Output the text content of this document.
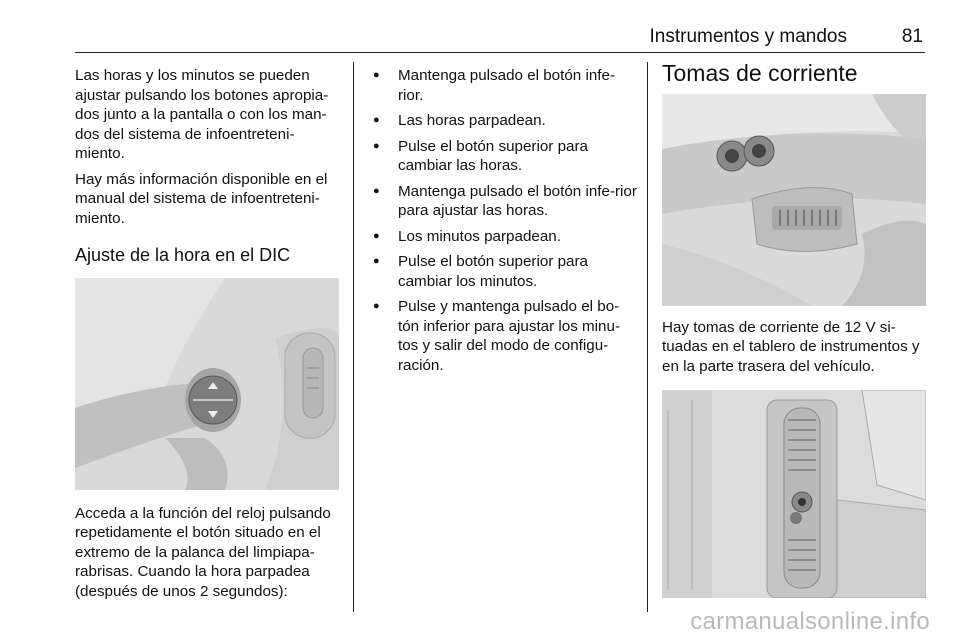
Instrumentos y mandos	81

Las horas y los minutos se pueden ajustar pulsando los botones apropia-dos junto a la pantalla o con los man-dos del sistema de infoentreteni-miento.

Hay más información disponible en el manual del sistema de infoentreteni-miento.

Ajuste de la hora en el DIC

Acceda a la función del reloj pulsando repetidamente el botón situado en el extremo de la palanca del limpiapa-rabrisas. Cuando la hora parpadea (después de unos 2 segundos):

● Mantenga pulsado el botón infe-rior.
● Las horas parpadean.
● Pulse el botón superior para cambiar las horas.
● Mantenga pulsado el botón infe-rior para ajustar las horas.
● Los minutos parpadean.
● Pulse el botón superior para cambiar los minutos.
● Pulse y mantenga pulsado el bo-tón inferior para ajustar los minu-tos y salir del modo de configu-ración.
Tomas de corriente

Hay tomas de corriente de 12 V si-tuadas en el tablero de instrumentos y en la parte trasera del vehículo.

carmanualsonline.info
